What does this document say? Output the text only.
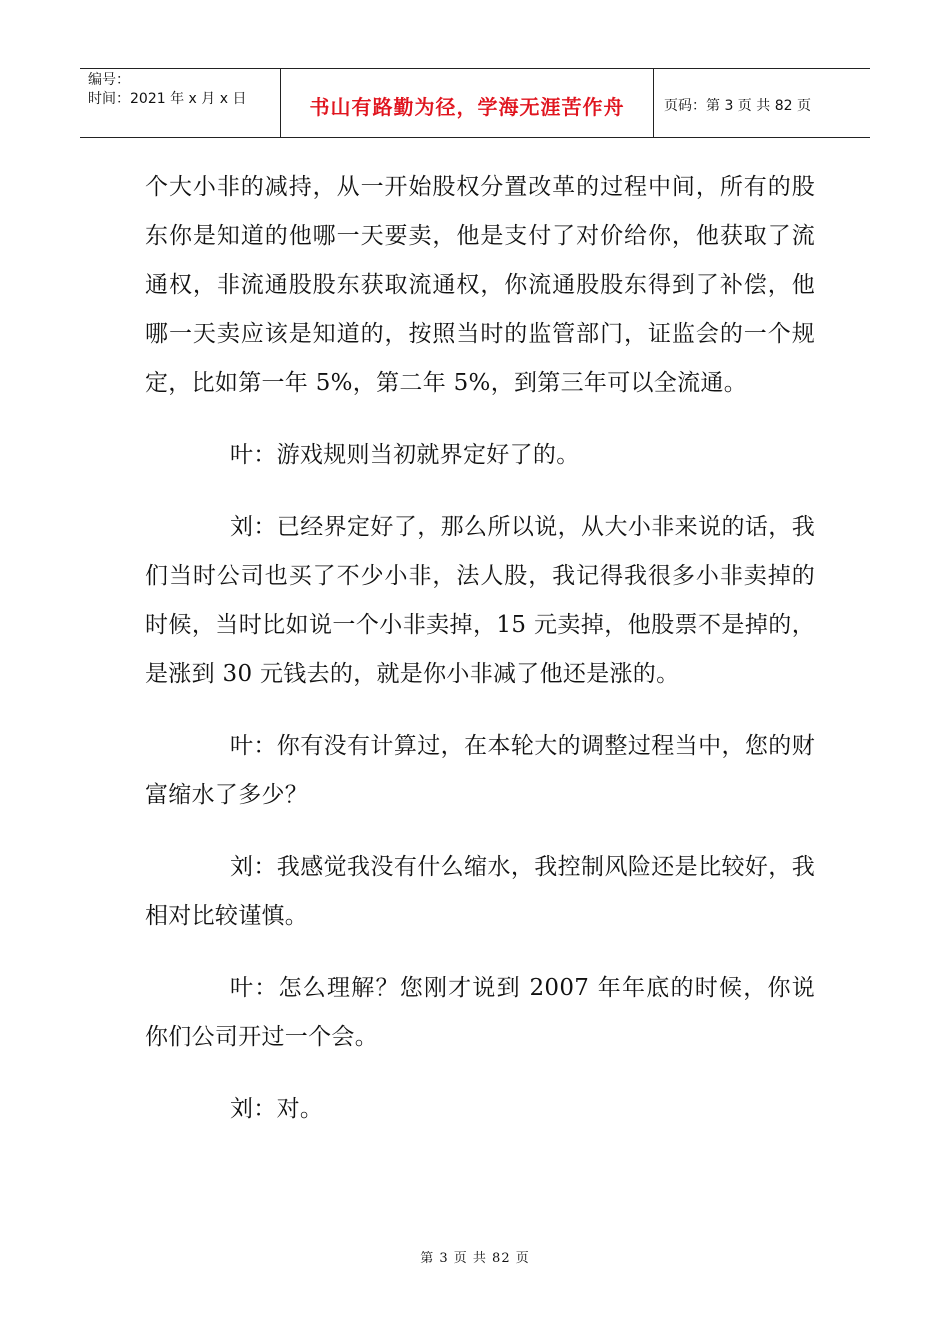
编号：
时间：2021 年 x 月 x 日	书山有路勤为径，学海无涯苦作舟	页码：第 3 页 共 82 页

个大小非的减持，从一开始股权分置改革的过程中间，所有的股东你是知道的他哪一天要卖，他是支付了对价给你，他获取了流通权，非流通股股东获取流通权，你流通股股东得到了补偿，他哪一天卖应该是知道的，按照当时的监管部门，证监会的一个规定，比如第一年 5%，第二年 5%，到第三年可以全流通。

叶：游戏规则当初就界定好了的。

刘：已经界定好了，那么所以说，从大小非来说的话，我们当时公司也买了不少小非，法人股，我记得我很多小非卖掉的时候，当时比如说一个小非卖掉，15 元卖掉，他股票不是掉的，是涨到 30 元钱去的，就是你小非减了他还是涨的。

叶：你有没有计算过，在本轮大的调整过程当中，您的财富缩水了多少？

刘：我感觉我没有什么缩水，我控制风险还是比较好，我相对比较谨慎。

叶：怎么理解？您刚才说到 2007 年年底的时候，你说你们公司开过一个会。

刘：对。

第 3 页 共 82 页
